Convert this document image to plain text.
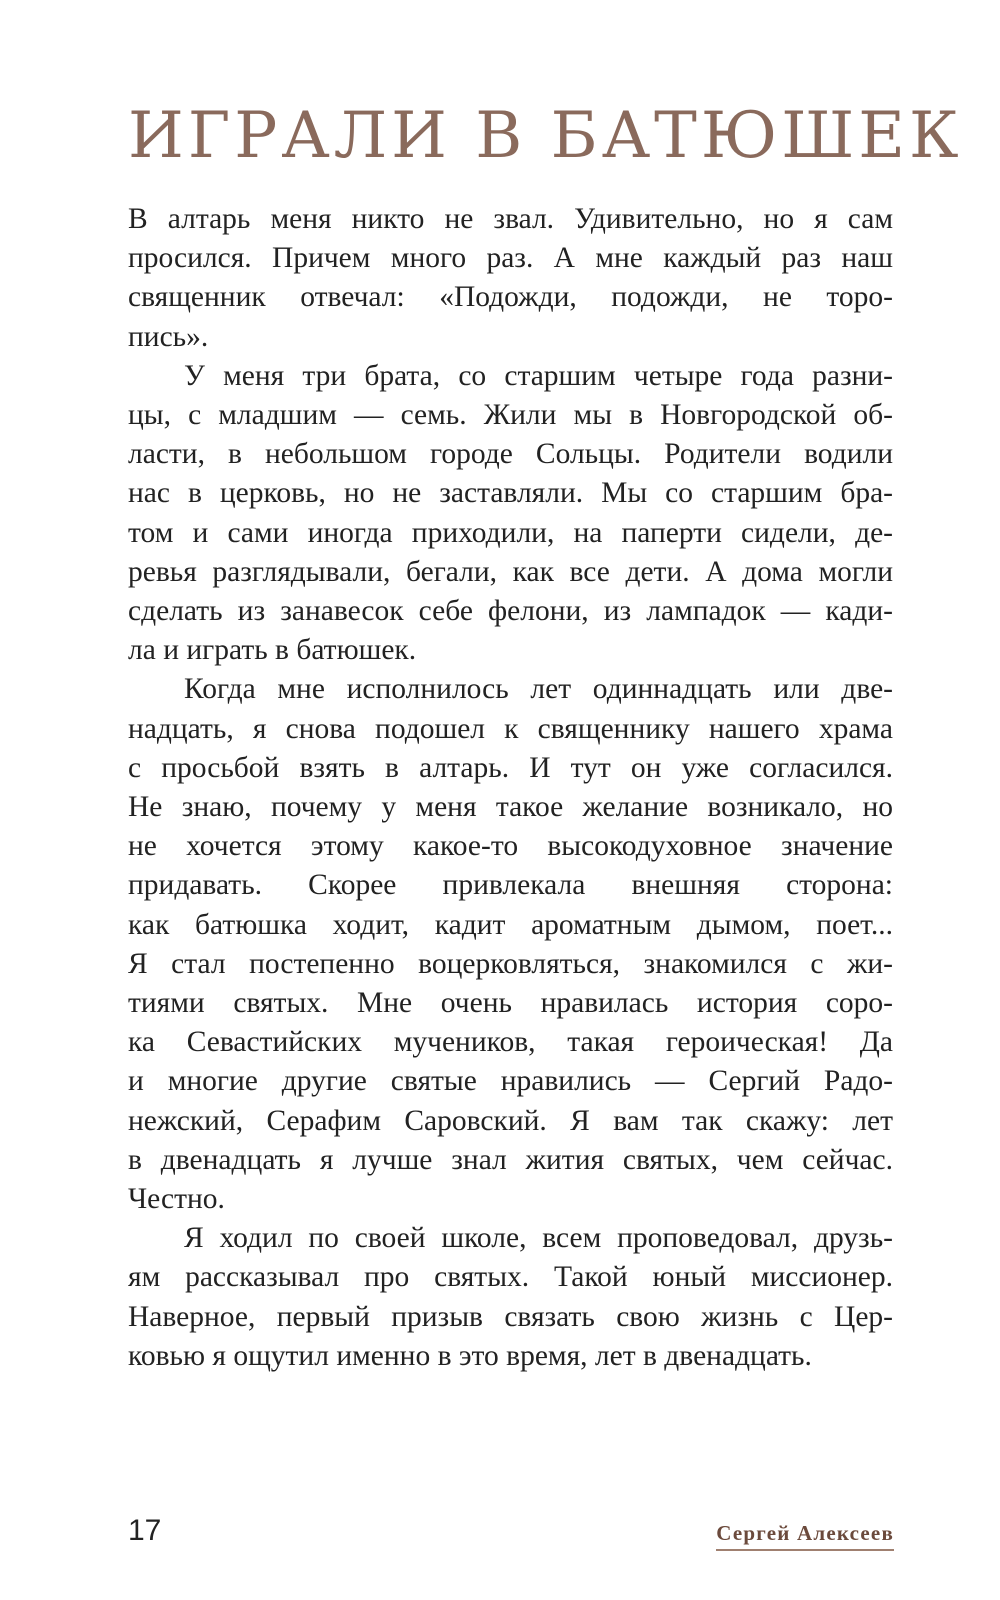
ИГРАЛИ В БАТЮШЕК
В алтарь меня никто не звал. Удивительно, но я сам
просился. Причем много раз. А мне каждый раз наш
священник отвечал: «Подожди, подожди, не торо-
пись».
У меня три брата, со старшим четыре года разни-
цы, с младшим — семь. Жили мы в Новгородской об-
ласти, в небольшом городе Сольцы. Родители водили
нас в церковь, но не заставляли. Мы со старшим бра-
том и сами иногда приходили, на паперти сидели, де-
ревья разглядывали, бегали, как все дети. А дома могли
сделать из занавесок себе фелони, из лампадок — кади-
ла и играть в батюшек.
Когда мне исполнилось лет одиннадцать или две-
надцать, я снова подошел к священнику нашего храма
с просьбой взять в алтарь. И тут он уже согласился.
Не знаю, почему у меня такое желание возникало, но
не хочется этому какое-то высокодуховное значение
придавать. Скорее привлекала внешняя сторона:
как батюшка ходит, кадит ароматным дымом, поет...
Я стал постепенно воцерковляться, знакомился с жи-
тиями святых. Мне очень нравилась история соро-
ка Севастийских мучеников, такая героическая! Да
и многие другие святые нравились — Сергий Радо-
нежский, Серафим Саровский. Я вам так скажу: лет
в двенадцать я лучше знал жития святых, чем сейчас.
Честно.
Я ходил по своей школе, всем проповедовал, друзь-
ям рассказывал про святых. Такой юный миссионер.
Наверное, первый призыв связать свою жизнь с Цер-
ковью я ощутил именно в это время, лет в двенадцать.
17	Сергей Алексеев
